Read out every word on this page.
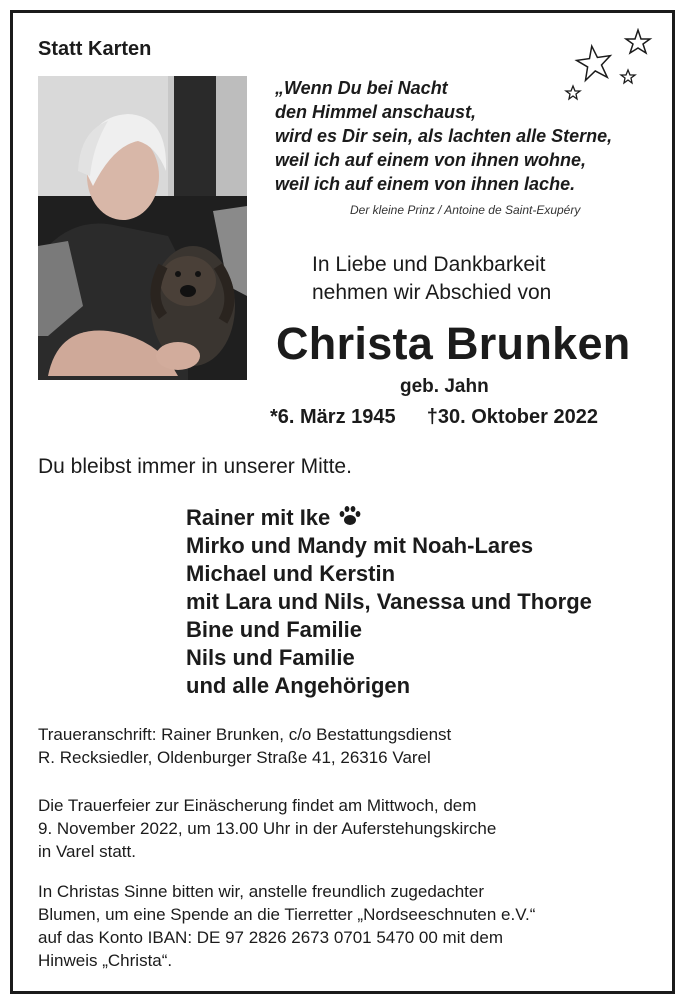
Statt Karten
„Wenn Du bei Nacht
den Himmel anschaust,
wird es Dir sein, als lachten alle Sterne,
weil ich auf einem von ihnen wohne,
weil ich auf einem von ihnen lache.
Der kleine Prinz / Antoine de Saint-Exupéry
In Liebe und Dankbarkeit
nehmen wir Abschied von
Christa Brunken
geb. Jahn
*6. März 1945 †30. Oktober 2022
Du bleibst immer in unserer Mitte.
Rainer mit Ike
Mirko und Mandy mit Noah-Lares
Michael und Kerstin
mit Lara und Nils, Vanessa und Thorge
Bine und Familie
Nils und Familie
und alle Angehörigen
Traueranschrift: Rainer Brunken, c/o Bestattungsdienst
R. Recksiedler, Oldenburger Straße 41, 26316 Varel
Die Trauerfeier zur Einäscherung findet am Mittwoch, dem
9. November 2022, um 13.00 Uhr in der Auferstehungskirche
in Varel statt.
In Christas Sinne bitten wir, anstelle freundlich zugedachter
Blumen, um eine Spende an die Tierretter „Nordseeschnuten e.V.“
auf das Konto IBAN: DE 97 2826 2673 0701 5470 00 mit dem
Hinweis „Christa“.
